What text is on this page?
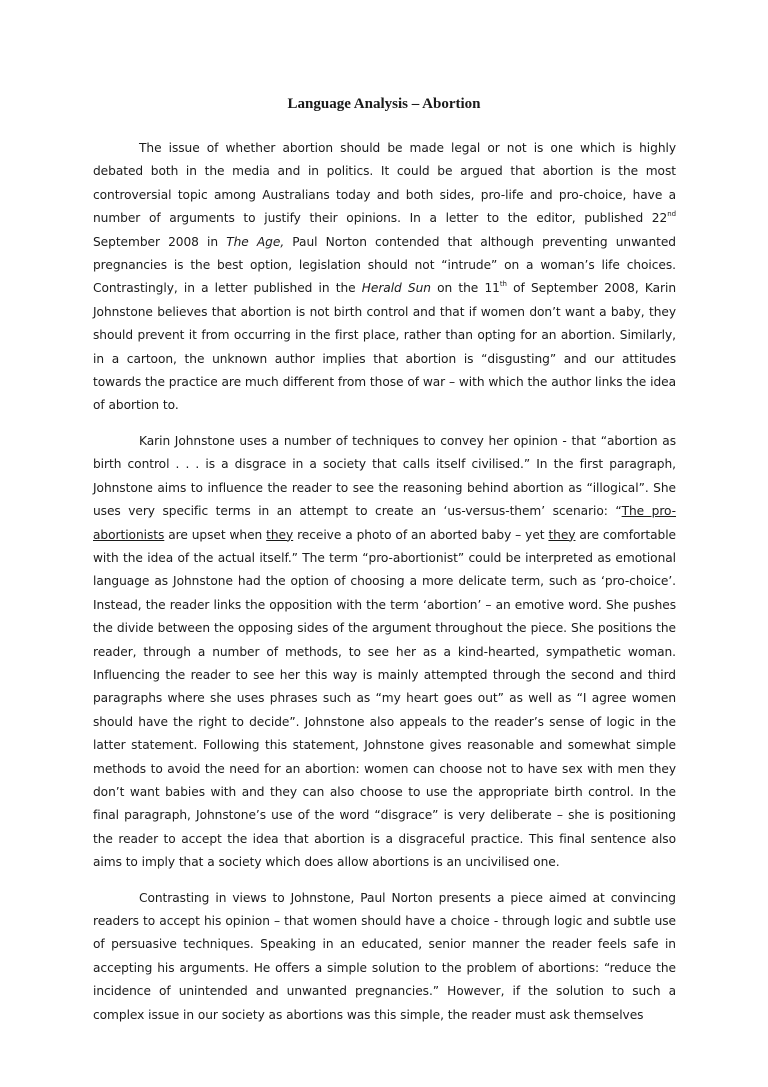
Language Analysis – Abortion

The issue of whether abortion should be made legal or not is one which is highly debated both in the media and in politics. It could be argued that abortion is the most controversial topic among Australians today and both sides, pro-life and pro-choice, have a number of arguments to justify their opinions. In a letter to the editor, published 22nd September 2008 in The Age, Paul Norton contended that although preventing unwanted pregnancies is the best option, legislation should not “intrude” on a woman’s life choices. Contrastingly, in a letter published in the Herald Sun on the 11th of September 2008, Karin Johnstone believes that abortion is not birth control and that if women don’t want a baby, they should prevent it from occurring in the first place, rather than opting for an abortion. Similarly, in a cartoon, the unknown author implies that abortion is “disgusting” and our attitudes towards the practice are much different from those of war – with which the author links the idea of abortion to.

Karin Johnstone uses a number of techniques to convey her opinion - that “abortion as birth control . . . is a disgrace in a society that calls itself civilised.” In the first paragraph, Johnstone aims to influence the reader to see the reasoning behind abortion as “illogical”. She uses very specific terms in an attempt to create an ‘us-versus-them’ scenario: “The pro-abortionists are upset when they receive a photo of an aborted baby – yet they are comfortable with the idea of the actual itself.” The term “pro-abortionist” could be interpreted as emotional language as Johnstone had the option of choosing a more delicate term, such as ‘pro-choice’. Instead, the reader links the opposition with the term ‘abortion’ – an emotive word. She pushes the divide between the opposing sides of the argument throughout the piece. She positions the reader, through a number of methods, to see her as a kind-hearted, sympathetic woman. Influencing the reader to see her this way is mainly attempted through the second and third paragraphs where she uses phrases such as “my heart goes out” as well as “I agree women should have the right to decide”. Johnstone also appeals to the reader’s sense of logic in the latter statement. Following this statement, Johnstone gives reasonable and somewhat simple methods to avoid the need for an abortion: women can choose not to have sex with men they don’t want babies with and they can also choose to use the appropriate birth control. In the final paragraph, Johnstone’s use of the word “disgrace” is very deliberate – she is positioning the reader to accept the idea that abortion is a disgraceful practice. This final sentence also aims to imply that a society which does allow abortions is an uncivilised one.

Contrasting in views to Johnstone, Paul Norton presents a piece aimed at convincing readers to accept his opinion – that women should have a choice - through logic and subtle use of persuasive techniques. Speaking in an educated, senior manner the reader feels safe in accepting his arguments. He offers a simple solution to the problem of abortions: “reduce the incidence of unintended and unwanted pregnancies.” However, if the solution to such a complex issue in our society as abortions was this simple, the reader must ask themselves
